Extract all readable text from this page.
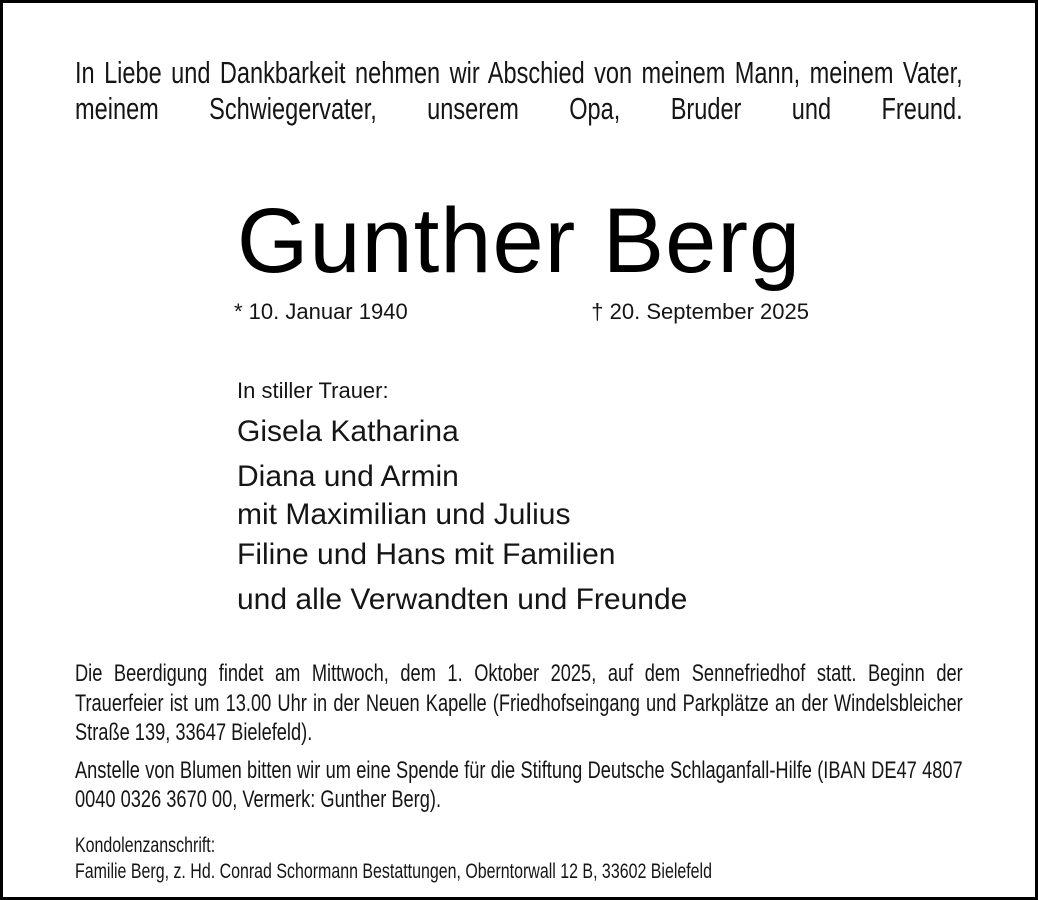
In Liebe und Dankbarkeit nehmen wir Abschied von meinem Mann, meinem Vater, meinem Schwiegervater, unserem Opa, Bruder und Freund.

Gunther Berg
* 10. Januar 1940	† 20. September 2025
In stiller Trauer:
Gisela Katharina
Diana und Armin
mit Maximilian und Julius
Filine und Hans mit Familien
und alle Verwandten und Freunde

Die Beerdigung findet am Mittwoch, dem 1. Oktober 2025, auf dem Sennefriedhof statt. Beginn der Trauerfeier ist um 13.00 Uhr in der Neuen Kapelle (Friedhofseingang und Parkplätze an der Windelsbleicher Straße 139, 33647 Bielefeld).

Anstelle von Blumen bitten wir um eine Spende für die Stiftung Deutsche Schlaganfall-Hilfe (IBAN DE47 4807 0040 0326 3670 00, Vermerk: Gunther Berg).

Kondolenzanschrift:
Familie Berg, z. Hd. Conrad Schormann Bestattungen, Oberntorwall 12 B, 33602 Bielefeld
